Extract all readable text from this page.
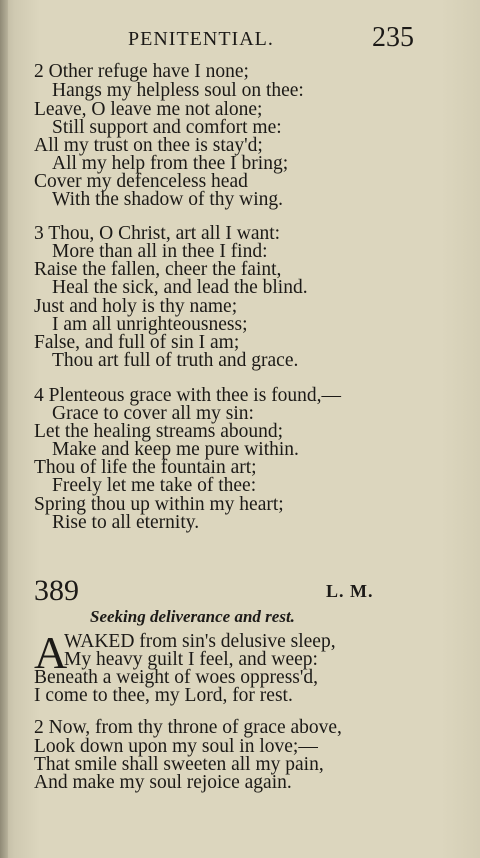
PENITENTIAL.	235
2 Other refuge have I none;
Hangs my helpless soul on thee:
Leave, O leave me not alone;
Still support and comfort me:
All my trust on thee is stay'd;
All my help from thee I bring;
Cover my defenceless head
With the shadow of thy wing.
3 Thou, O Christ, art all I want:
More than all in thee I find:
Raise the fallen, cheer the faint,
Heal the sick, and lead the blind.
Just and holy is thy name;
I am all unrighteousness;
False, and full of sin I am;
Thou art full of truth and grace.
4 Plenteous grace with thee is found,—
Grace to cover all my sin:
Let the healing streams abound;
Make and keep me pure within.
Thou of life the fountain art;
Freely let me take of thee:
Spring thou up within my heart;
Rise to all eternity.
389	L. M.
Seeking deliverance and rest.
A
WAKED from sin's delusive sleep,
My heavy guilt I feel, and weep:
Beneath a weight of woes oppress'd,
I come to thee, my Lord, for rest.
2 Now, from thy throne of grace above,
Look down upon my soul in love;—
That smile shall sweeten all my pain,
And make my soul rejoice again.
